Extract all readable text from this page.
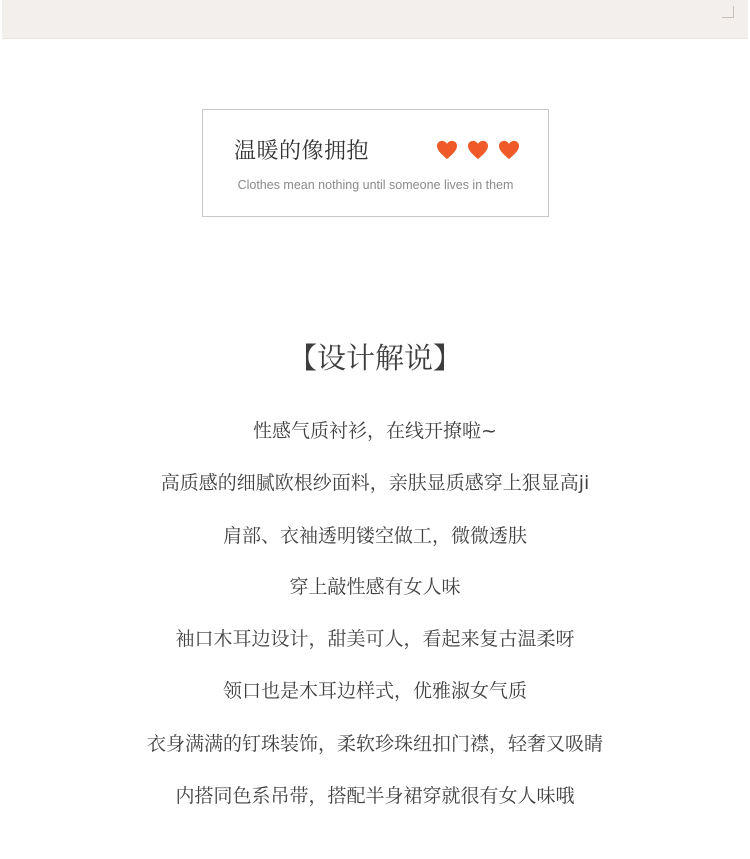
温暖的像拥抱
Clothes mean nothing until someone lives in them
【设计解说】
性感气质衬衫，在线开撩啦~
高质感的细腻欧根纱面料，亲肤显质感穿上狠显高ji
肩部、衣袖透明镂空做工，微微透肤
穿上敲性感有女人味
袖口木耳边设计，甜美可人，看起来复古温柔呀
领口也是木耳边样式，优雅淑女气质
衣身满满的钉珠装饰，柔软珍珠纽扣门襟，轻奢又吸睛
内搭同色系吊带，搭配半身裙穿就很有女人味哦
